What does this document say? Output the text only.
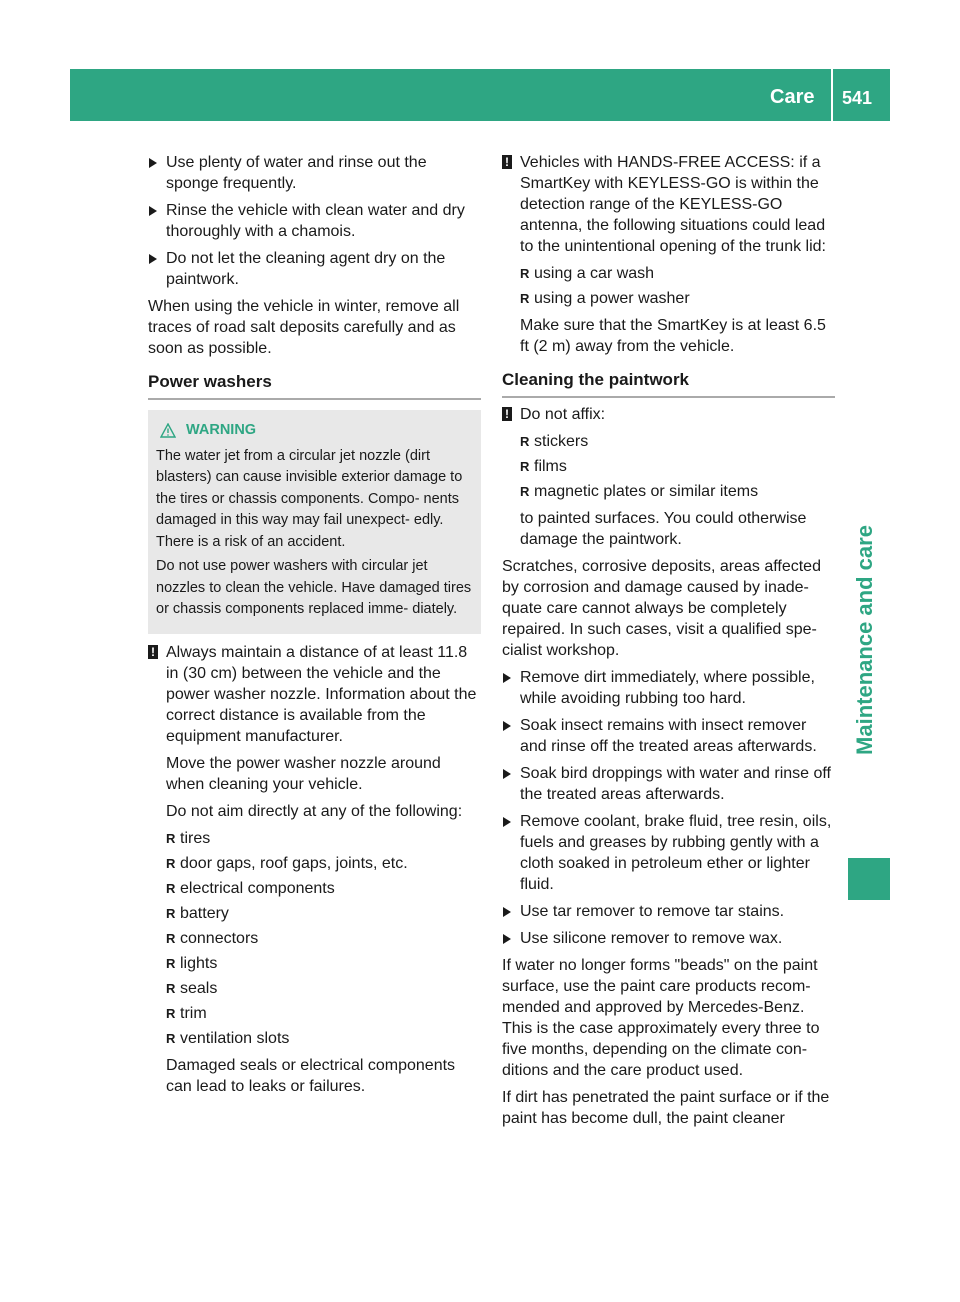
Care 541
Maintenance and care
Use plenty of water and rinse out the sponge frequently.
Rinse the vehicle with clean water and dry thoroughly with a chamois.
Do not let the cleaning agent dry on the paintwork.

When using the vehicle in winter, remove all traces of road salt deposits carefully and as soon as possible.

Power washers
WARNING

The water jet from a circular jet nozzle (dirt blasters) can cause invisible exterior damage to the tires or chassis components. Compo- nents damaged in this way may fail unexpect- edly. There is a risk of an accident.

Do not use power washers with circular jet nozzles to clean the vehicle. Have damaged tires or chassis components replaced imme- diately.

! Always maintain a distance of at least 11.8 in (30 cm) between the vehicle and the power washer nozzle. Information about the correct distance is available from the equipment manufacturer.

Move the power washer nozzle around when cleaning your vehicle.

Do not aim directly at any of the following:

R tires
R door gaps, roof gaps, joints, etc.
R electrical components
R battery
R connectors
R lights
R seals
R trim
R ventilation slots

Damaged seals or electrical components can lead to leaks or failures.

! Vehicles with HANDS-FREE ACCESS: if a SmartKey with KEYLESS-GO is within the detection range of the KEYLESS-GO antenna, the following situations could lead to the unintentional opening of the trunk lid:

R using a car wash
R using a power washer

Make sure that the SmartKey is at least 6.5 ft (2 m) away from the vehicle.

Cleaning the paintwork
! Do not affix:

R stickers
R films
R magnetic plates or similar items

to painted surfaces. You could otherwise damage the paintwork.

Scratches, corrosive deposits, areas affected by corrosion and damage caused by inade- quate care cannot always be completely repaired. In such cases, visit a qualified spe- cialist workshop.

Remove dirt immediately, where possible, while avoiding rubbing too hard.
Soak insect remains with insect remover and rinse off the treated areas afterwards.
Soak bird droppings with water and rinse off the treated areas afterwards.
Remove coolant, brake fluid, tree resin, oils, fuels and greases by rubbing gently with a cloth soaked in petroleum ether or lighter fluid.
Use tar remover to remove tar stains.
Use silicone remover to remove wax.

If water no longer forms "beads" on the paint surface, use the paint care products recom- mended and approved by Mercedes-Benz. This is the case approximately every three to five months, depending on the climate con- ditions and the care product used.

If dirt has penetrated the paint surface or if the paint has become dull, the paint cleaner
